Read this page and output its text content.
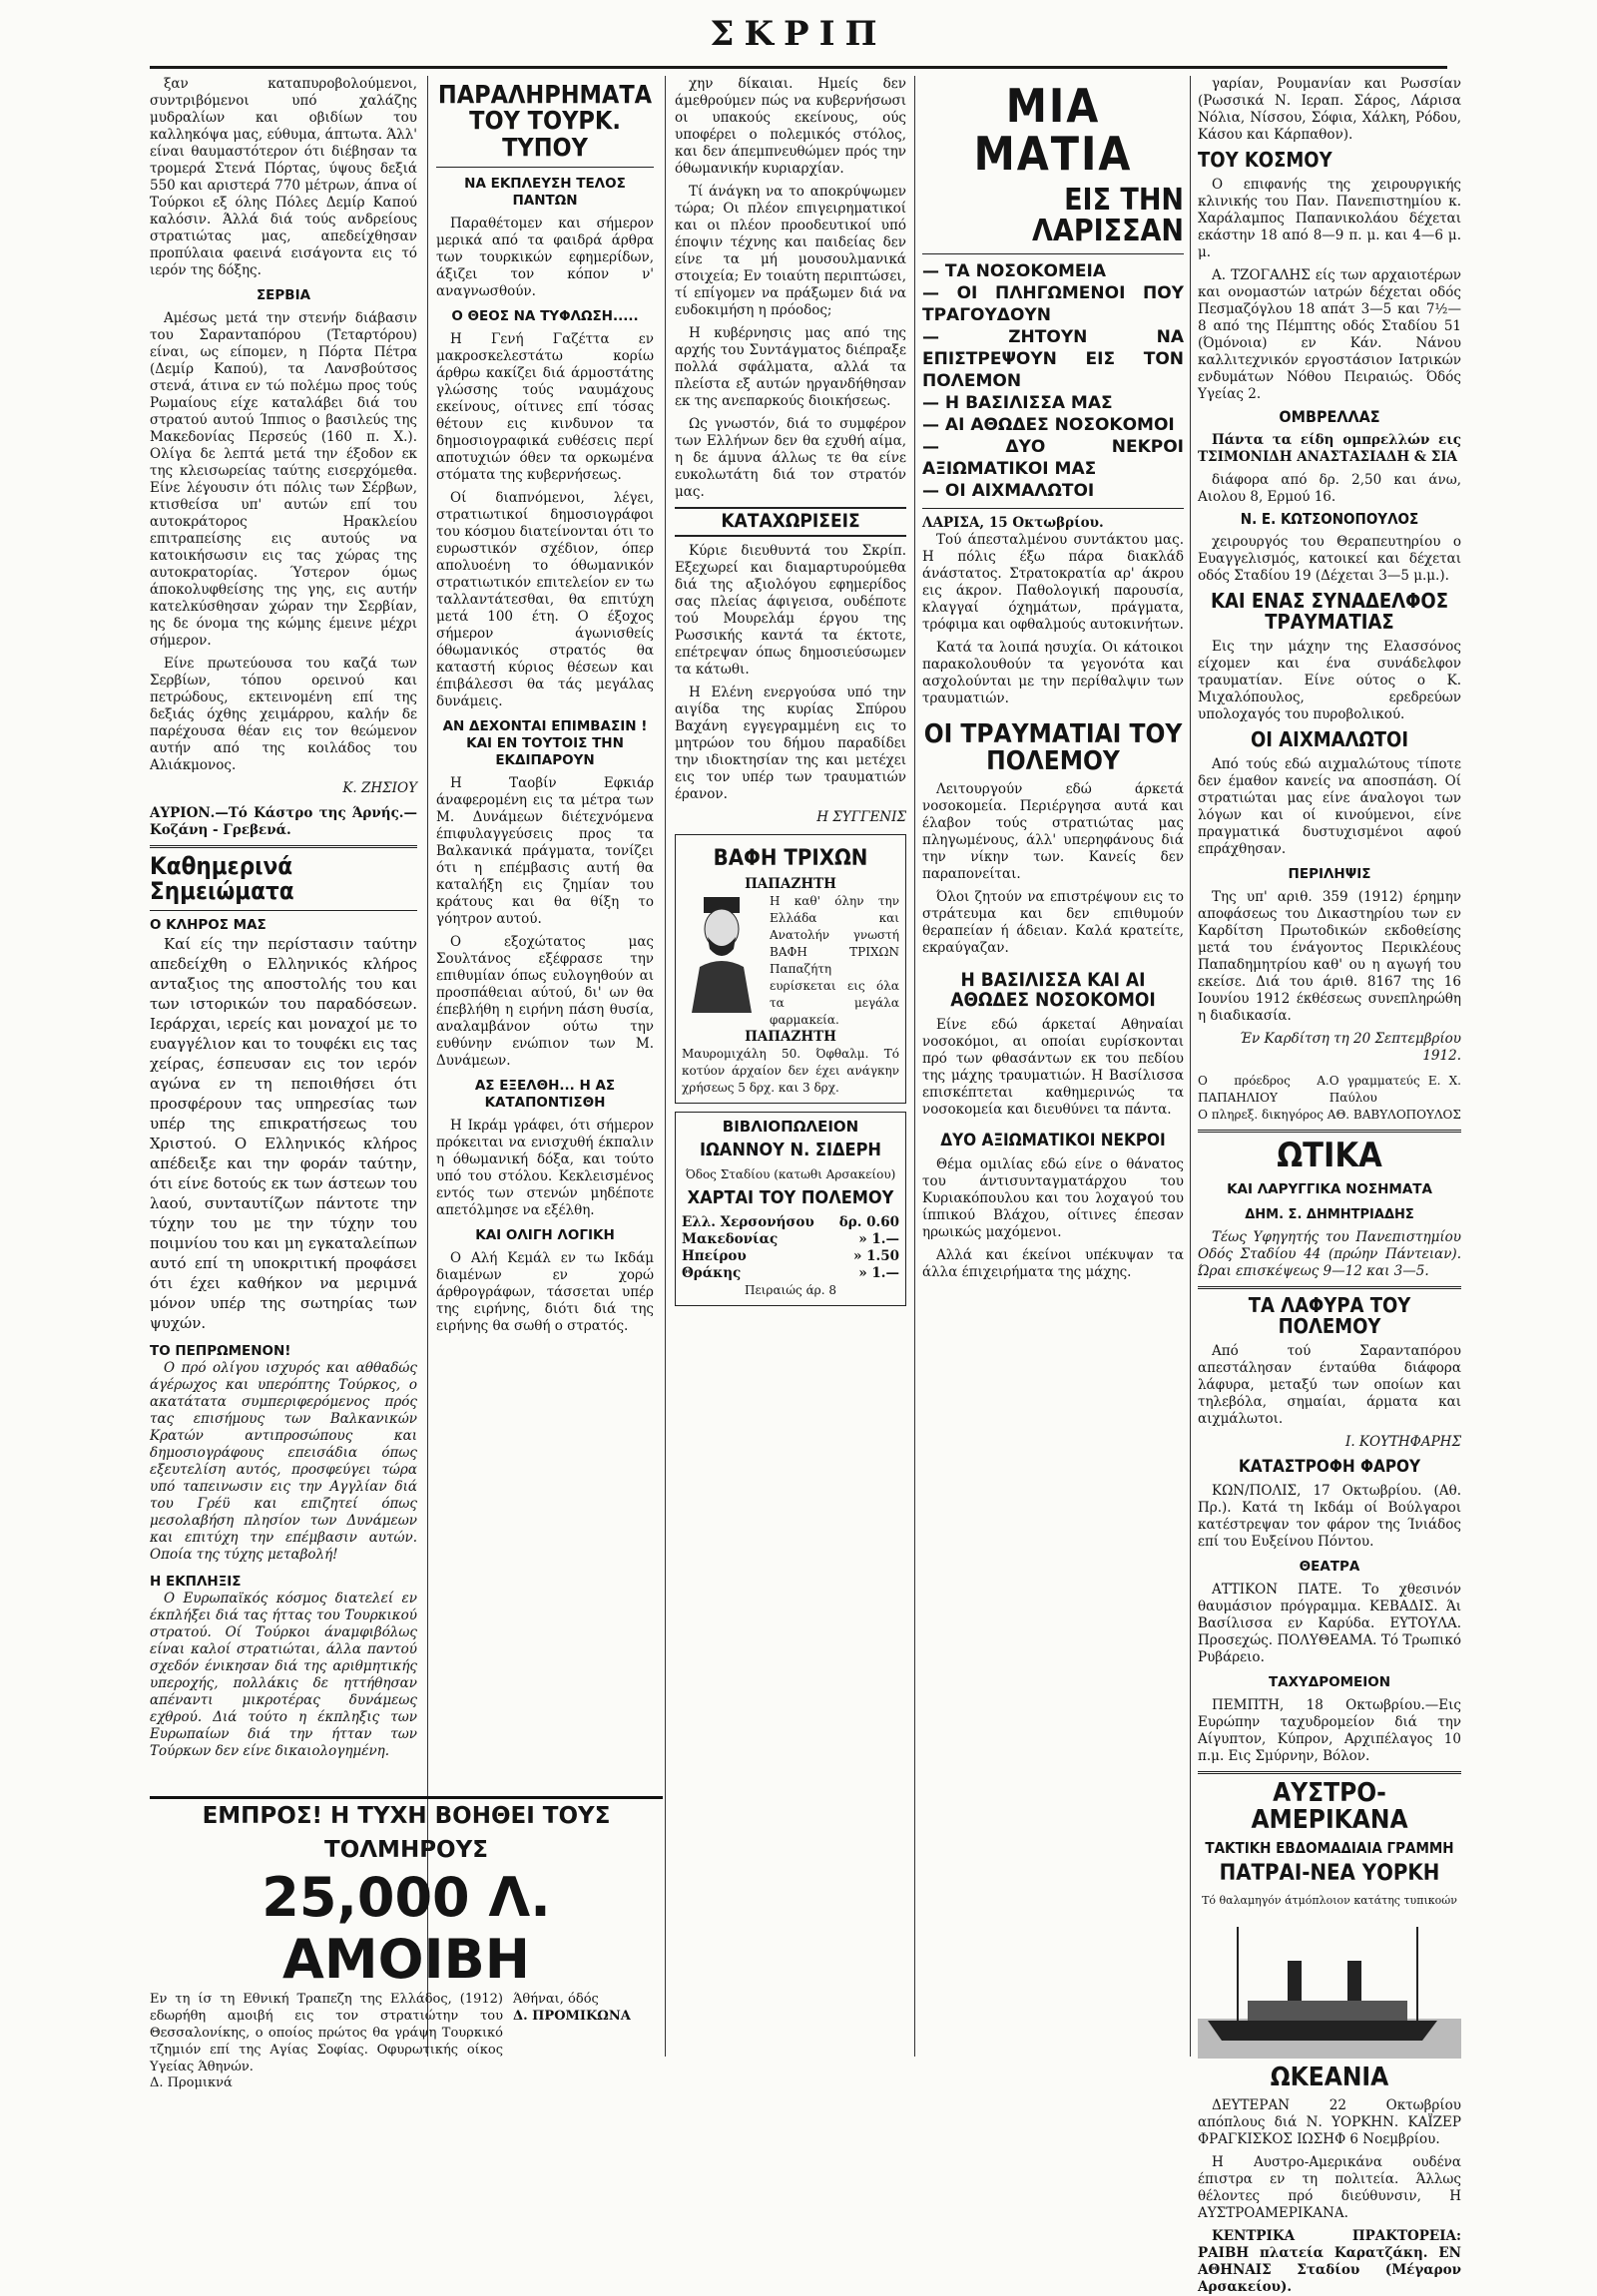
ΣΚΡΙΠ

ξαν καταπυροβολούμενοι, συντριβόμενοι υπό χαλάζης μυδραλίων και οβιδίων του καλληκόψα μας, εύθυμα, άπτωτα. Άλλ' είναι θαυμαστότερον ότι διέβησαν τα τρομερά Στενά Πόρτας, ύψους δεξιά 550 και αριστερά 770 μέτρων, άπνα οί Τούρκοι εξ όλης Πόλες Δεμίρ Καπού καλόσιν. Άλλά διά τούς ανδρείους στρατιώτας μας, απεδείχθησαν προπύλαια φαεινά εισάγοντα εις τό ιερόν της δόξης.

ΣΕΡΒΙΑ

Αμέσως μετά την στενήν διάβασιν του Σαρανταπόρου (Τεταρτόρου) είναι, ως είπομεν, η Πόρτα Πέτρα (Δεμίρ Καπού), τα Λανσβούτσος στενά, άτινα εν τώ πολέμω προς τούς Ρωμαίους είχε καταλάβει διά του στρατού αυτού Ίππιος ο βασιλεύς της Μακεδονίας Περσεύς (160 π. Χ.). Ολίγα δε λεπτά μετά την έξοδον εκ της κλεισωρείας ταύτης εισερχόμεθα. Είνε λέγουσιν ότι πόλις των Σέρβων, κτισθείσα υπ' αυτών επί του αυτοκράτορος Ηρακλείου επιτραπείσης εις αυτούς να κατοικήσωσιν εις τας χώρας της αυτοκρατορίας. Ύστερον όμως άποκολυφθείσης της γης, εις αυτήν κατελκύσθησαν χώραν την Σερβίαν, ης δε όνομα της κώμης έμεινε μέχρι σήμερον.

Είνε πρωτεύουσα του καζά των Σερβίων, τόπου ορεινού και πετρώδους, εκτεινομένη επί της δεξιάς όχθης χειμάρρου, καλήν δε παρέχουσα θέαν εις τον θεώμενον αυτήν από της κοιλάδος του Αλιάκμονος.

Κ. ΖΗΣΙΟΥ
ΑΥΡΙΟΝ.—Τό Κάστρο της Άρνής.— Κοζάνη - Γρεβενά.
Καθημερινά Σημειώματα
Ο ΚΛΗΡΟΣ ΜΑΣ

Καί είς την περίστασιν ταύτην απεδείχθη ο Ελληνικός κλήρος ανταξιος της αποστολής του και των ιστορικών του παραδόσεων. Ιεράρχαι, ιερείς και μοναχοί με το ευαγγέλιον και το τουφέκι εις τας χείρας, έσπευσαν εις τον ιερόν αγώνα εν τη πεποιθήσει ότι προσφέρουν τας υπηρεσίας των υπέρ της επικρατήσεως του Χριστού. Ο Ελληνικός κλήρος απέδειξε και την φοράν ταύτην, ότι είνε δοτούς εκ των άστεων του λαού, συνταυτίζων πάντοτε την τύχην του με την τύχην του ποιμνίου του και μη εγκαταλείπων αυτό επί τη υποκριτική προφάσει ότι έχει καθήκον να μεριμνά μόνον υπέρ της σωτηρίας των ψυχών.

ΤΟ ΠΕΠΡΩΜΕΝΟΝ!

Ο πρό ολίγου ισχυρός και αθθαδώς άγέρωχος και υπερόπτης Τούρκος, ο ακατάτατα συμπεριφερόμενος πρός τας επισήμους των Βαλκανικών Κρατών αντιπροσώπους και δημοσιογράφους επεισάδια όπως εξευτελίση αυτός, προσφεύγει τώρα υπό ταπεινωσιν εις την Αγγλίαν διά του Γρέϋ και επιζητεί όπως μεσολαβήση πλησίον των Δυνάμεων και επιτύχη την επέμβασιν αυτών. Οποία της τύχης μεταβολή!

Η ΕΚΠΛΗΞΙΣ

Ο Ευρωπαϊκός κόσμος διατελεί εν έκπλήξει διά τας ήττας του Τουρκικού στρατού. Οί Τούρκοι άναμφιβόλως είναι καλοί στρατιώται, άλλα παντού σχεδόν ένικησαν διά της αριθμητικής υπεροχής, πολλάκις δε ηττήθησαν απέναντι μικροτέρας δυνάμεως εχθρού. Διά τούτο η έκπληξις των Ευρωπαίων διά την ήτταν των Τούρκων δεν είνε δικαιολογημένη.

ΠΑΡΑΛΗΡΗΜΑΤΑ ΤΟΥ ΤΟΥΡΚ. ΤΥΠΟΥ
ΝΑ ΕΚΠΛΕΥΣΗ ΤΕΛΟΣ ΠΑΝΤΩΝ

Παραθέτομεν και σήμερον μερικά από τα φαιδρά άρθρα των τουρκικών εφημερίδων, άξιζει τον κόπον ν' αναγνωσθούν.

Ο ΘΕΟΣ ΝΑ ΤΥΦΛΩΣΗ.....

Η Γενή Γαζέττα εν μακροσκελεστάτω κορίω άρθρω κακίζει διά άρμοστάτης γλώσσης τούς ναυμάχους εκείνους, οίτινες επί τόσας θέτουν εις κινδυνον τα δημοσιογραφικά ευθέσεις περί αποτυχιών όθεν τα ορκωμένα στόματα της κυβερνήσεως.

Οί διαπνόμενοι, λέγει, στρατιωτικοί δημοσιογράφοι του κόσμου διατείνονται ότι το ευρωστικόν σχέδιον, όπερ απολυοένη το όθωμανικόν στρατιωτικόν επιτελείον εν τω ταλλαντάτεσθαι, θα επιτύχη μετά 100 έτη. Ο έξοχος σήμερον άγωνισθείς όθωμανικός στρατός θα καταστή κύριος θέσεων και έπιβάλεσσι θα τάς μεγάλας δυνάμεις.

ΑΝ ΔΕΧΟΝΤΑΙ ΕΠΙΜΒΑΣΙΝ ! ΚΑΙ ΕΝ ΤΟΥΤΟΙΣ ΤΗΝ ΕΚΔΙΠΑΡΟΥΝ

Η Ταοβίν Εφκιάρ άναφερομένη εις τα μέτρα των Μ. Δυνάμεων διέτεχνόμενα έπιφυλαγγεύσεις προς τα Βαλκανικά πράγματα, τονίζει ότι η επέμβασις αυτή θα καταλήξη εις ζημίαν του κράτους και θα θίξη το γόητρον αυτού.

Ο εξοχώτατος μας Σουλτάνος εξέφρασε την επιθυμίαν όπως ευλογηθούν αι προσπάθειαι αύτού, δι' ων θα έπεβλήθη η ειρήνη πάση θυσία, αναλαμβάνον ούτω την ευθύνην ενώπιον των Μ. Δυνάμεων.

ΑΣ ΕΞΕΛΘΗ... Η ΑΣ ΚΑΤΑΠΟΝΤΙΣΘΗ

Η Ικράμ γράφει, ότι σήμερον πρόκειται να ενισχυθή έκπαλιν η όθωμανική δόξα, και τούτο υπό του στόλου. Κεκλεισμένος εντός των στενών μηδέποτε απετόλμησε να εξέλθη.

ΚΑΙ ΟΛΙΓΗ ΛΟΓΙΚΗ

Ο Αλή Κεμάλ εν τω Ικδάμ διαμένων εν χορώ άρθρογράφων, τάσσεται υπέρ της ειρήνης, διότι διά της ειρήνης θα σωθή ο στρατός.

χην δίκαιαι. Ημείς δεν άμεθρούμεν πώς να κυβερνήσωσι οι υπακούς εκείνους, ούς υποφέρει ο πολεμικός στόλος, και δεν άπεμπνευθώμεν πρός την όθωμανικήν κυριαρχίαν.

Τί άνάγκη να το αποκρύψωμεν τώρα; Οι πλέον επιγειρηματικοί και οι πλέον προοδευτικοί υπό έποψιν τέχνης και παιδείας δεν είνε τα μή μουσουλμανικά στοιχεία; Εν τοιαύτη περιπτώσει, τί επίγομεν να πράξωμεν διά να ευδοκιμήση η πρόοδος;

Η κυβέρνησις μας από της αρχής του Συντάγματος διέπραξε πολλά σφάλματα, αλλά τα πλείστα εξ αυτών ηργανδήθησαν εκ της ανεπαρκούς διοικήσεως.

Ως γνωστόν, διά το συμφέρον των Ελλήνων δεν θα εχυθή αίμα, η δε άμυνα άλλως τε θα είνε ευκολωτάτη διά τον στρατόν μας.

ΚΑΤΑΧΩΡΙΣΕΙΣ

Κύριε διευθυντά του Σκρίπ. Εξεχωρεί και διαμαρτυρούμεθα διά της αξιολόγου εφημερίδος σας πλείας άφιγεισα, ουδέποτε τού Μουρελάμ έργου της Ρωσσικής καντά τα έκτοτε, επέτρεψαν όπως δημοσιεύσωμεν τα κάτωθι.

Η Ελένη ενεργούσα υπό την αιγίδα της κυρίας Σπύρου Βαχάνη εγγεγραμμένη εις το μητρώον του δήμου παραδίδει την ιδιοκτησίαν της και μετέχει εις τον υπέρ των τραυματιών έρανον.

Η ΣΥΓΓΕΝΙΣ
ΒΑΦΗ ΤΡΙΧΩΝ
ΠΑΠΑΖΗΤΗ
Η καθ' όλην την Ελλάδα και Ανατολήν γνωστή ΒΑΦΗ ΤΡΙΧΩΝ Παπαζήτη ευρίσκεται εις όλα τα μεγάλα φαρμακεία.
ΠΑΠΑΖΗΤΗ
Μαυρομιχάλη 50. Όφθαλμ. Τό κοτύον άρχαίον δεν έχει ανάγκην χρήσεως 5 δρχ. και 3 δρχ.
ΒΙΒΛΙΟΠΩΛΕΙΟΝ
ΙΩΑΝΝΟΥ Ν. ΣΙΔΕΡΗ
Όδος Σταδίου (κατωθι Αρσακείου)
ΧΑΡΤΑΙ ΤΟΥ ΠΟΛΕΜΟΥ
Ελλ. Χερσονήσου δρ. 0.60
Μακεδονίας	» 1.—
Ηπείρου	» 1.50
Θράκης	» 1.—
Πειραιώς άρ. 8
ΜΙΑ ΜΑΤΙΑ
ΕΙΣ ΤΗΝ ΛΑΡΙΣΣΑΝ
— ΤΑ ΝΟΣΟΚΟΜΕΙΑ
— ΟΙ ΠΛΗΓΩΜΕΝΟΙ ΠΟΥ ΤΡΑΓΟΥΔΟΥΝ
— ΖΗΤΟΥΝ ΝΑ ΕΠΙΣΤΡΕΨΟΥΝ ΕΙΣ ΤΟΝ ΠΟΛΕΜΟΝ
— Η ΒΑΣΙΛΙΣΣΑ ΜΑΣ
— ΑΙ ΑΘΩΔΕΣ ΝΟΣΟΚΟΜΟΙ
— ΔΥΟ ΝΕΚΡΟΙ ΑΞΙΩΜΑΤΙΚΟΙ ΜΑΣ
— ΟΙ ΑΙΧΜΑΛΩΤΟΙ
ΛΑΡΙΣΑ, 15 Οκτωβρίου.

Τού άπεσταλμένου συντάκτου μας. Η πόλις έξω πάρα διακλάδ άνάστατος. Στρατοκρατία αρ' άκρου εις άκρον. Παθολογική παρουσία, κλαγγαί όχημάτων, πράγματα, τρόφιμα και οφθαλμούς αυτοκινήτων.

Κατά τα λοιπά ησυχία. Οι κάτοικοι παρακολουθούν τα γεγονότα και ασχολούνται με την περίθαλψιν των τραυματιών.

ΟΙ ΤΡΑΥΜΑΤΙΑΙ ΤΟΥ ΠΟΛΕΜΟΥ

Λειτουργούν εδώ άρκετά νοσοκομεία. Περιέργησα αυτά και έλαβον τούς στρατιώτας μας πληγωμένους, άλλ' υπερηφάνους διά την νίκην των. Κανείς δεν παραπονείται.

Όλοι ζητούν να επιστρέψουν εις το στράτευμα και δεν επιθυμούν θεραπείαν ή άδειαν. Καλά κρατείτε, εκραύγαζαν.

Η ΒΑΣΙΛΙΣΣΑ ΚΑΙ ΑΙ ΑΘΩΔΕΣ ΝΟΣΟΚΟΜΟΙ

Είνε εδώ άρκεταί Αθηναίαι νοσοκόμοι, αι οποίαι ευρίσκονται πρό των φθασάντων εκ του πεδίου της μάχης τραυματιών. Η Βασίλισσα επισκέπτεται καθημερινώς τα νοσοκομεία και διευθύνει τα πάντα.

ΔΥΟ ΑΞΙΩΜΑΤΙΚΟΙ ΝΕΚΡΟΙ

Θέμα ομιλίας εδώ είνε ο θάνατος του άντισυνταγματάρχου του Κυριακόπουλου και του λοχαγού του ίππικού Βλάχου, οίτινες έπεσαν ηρωικώς μαχόμενοι.

Αλλά και έκείνοι υπέκυψαν τα άλλα έπιχειρήματα της μάχης.

γαρίαν, Ρουμανίαν και Ρωσσίαν (Ρωσσικά Ν. Ιεραπ. Σάρος, Λάρισα Νόλια, Νίσσου, Σόφια, Χάλκη, Ρόδου, Κάσου και Κάρπαθον).

ΤΟΥ ΚΟΣΜΟΥ

Ο επιφανής της χειρουργικής κλινικής του Παν. Πανεπιστημίου κ. Χαράλαμπος Παπανικολάου δέχεται εκάστην 18 από 8—9 π. μ. και 4—6 μ. μ.

Α. ΤΖΟΓΑΛΗΣ είς των αρχαιοτέρων και ονομαστών ιατρών δέχεται οδός Πεσμαζόγλου 18 απάτ 3—5 και 7½—8 από της Πέμπτης οδός Σταδίου 51 (Όμόνοια) εν Κάν. Νάνου καλλιτεχνικόν εργοστάσιον Ιατρικών ενδυμάτων Νόθου Πειραιώς. Όδός Υγείας 2.

ΟΜΒΡΕΛΛΑΣ

Πάντα τα είδη ομπρελλών εις ΤΣΙΜΟΝΙΔΗ ΑΝΑΣΤΑΣΙΑΔΗ & ΣΙΑ

διάφορα από δρ. 2,50 και άνω, Αιολου 8, Ερμού 16.

Ν. Ε. ΚΩΤΣΟΝΟΠΟΥΛΟΣ

χειρουργός του Θεραπευτηρίου ο Ευαγγελισμός, κατοικεί και δέχεται οδός Σταδίου 19 (Δέχεται 3—5 μ.μ.).

ΚΑΙ ΕΝΑΣ ΣΥΝΑΔΕΛΦΟΣ ΤΡΑΥΜΑΤΙΑΣ

Εις την μάχην της Ελασσόνος είχομεν και ένα συνάδελφον τραυματίαν. Είνε ούτος ο Κ. Μιχαλόπουλος, ερεδρεύων υπολοχαγός του πυροβολικού.

ΟΙ ΑΙΧΜΑΛΩΤΟΙ

Από τούς εδώ αιχμαλώτους τίποτε δεν έμαθον κανείς να αποσπάση. Οί στρατιώται μας είνε άναλογοι των λόγων και οί κινούμενοι, είνε πραγματικά δυστυχισμένοι αφού επράχθησαν.

ΠΕΡΙΛΗΨΙΣ

Της υπ' αριθ. 359 (1912) έρημην αποφάσεως του Δικαστηρίου των εν Καρδίτση Πρωτοδικών εκδοθείσης μετά του ένάγοντος Περικλέους Παπαδημητρίου καθ' ου η αγωγή του εκείσε. Διά του άριθ. 8167 της 16 Ιουνίου 1912 έκθέσεως συνεπληρώθη η διαδικασία.

Έν Καρδίτση τη 20 Σεπτεμβρίου 1912.
Ο πρόεδρος Α. ΠΑΠΑΗΛΙΟΥ
Ο γραμματεύς Ε. Χ. Παύλου
Ο πληρεξ. δικηγόρος ΑΘ. ΒΑΒΥΛΟΠΟΥΛΟΣ
ΩΤΙΚΑ
ΚΑΙ ΛΑΡΥΓΓΙΚΑ ΝΟΣΗΜΑΤΑ
ΔΗΜ. Σ. ΔΗΜΗΤΡΙΑΔΗΣ

Τέως Υφηγητής του Πανεπιστημίου Οδός Σταδίου 44 (πρώην Πάντειαν). Ώραι επισκέψεως 9—12 και 3—5.

ΤΑ ΛΑΦΥΡΑ ΤΟΥ ΠΟΛΕΜΟΥ

Από τού Σαρανταπόρου απεστάλησαν ένταύθα διάφορα λάφυρα, μεταξύ των οποίων και τηλεβόλα, σημαίαι, άρματα και αιχμάλωτοι.

Ι. ΚΟΥΤΗΦΑΡΗΣ
ΚΑΤΑΣΤΡΟΦΗ ΦΑΡΟΥ

ΚΩΝ/ΠΟΛΙΣ, 17 Οκτωβρίου. (Αθ. Πρ.). Κατά τη Ικδάμ οί Βούλγαροι κατέστρεψαν τον φάρον της Ίνιάδος επί του Ευξείνου Πόντου.

ΘΕΑΤΡΑ

ΑΤΤΙΚΟΝ ΠΑΤΕ. Το χθεσινόν θαυμάσιον πρόγραμμα. ΚΕΒΑΔΙΣ. Άι Βασίλισσα εν Καρύδα. ΕΥΤΟΥΛΑ. Προσεχώς. ΠΟΛΥΘΕΑΜΑ. Τό Τρωπικό Ρυβάρειο.

ΤΑΧΥΔΡΟΜΕΙΟΝ

ΠΕΜΠΤΗ, 18 Οκτωβρίου.—Εις Ευρώπην ταχυδρομείον διά την Αίγυπτον, Κύπρον, Αρχιπέλαγος 10 π.μ. Εις Σμύρνην, Βόλον.

ΑΥΣΤΡΟ-ΑΜΕΡΙΚΑΝΑ
ΤΑΚΤΙΚΗ ΕΒΔΟΜΑΔΙΑΙΑ ΓΡΑΜΜΗ
ΠΑΤΡΑΙ-ΝΕΑ ΥΟΡΚΗ
Τό θαλαμηγόν άτμόπλοιον κατάτης τυπικοών
ΩΚΕΑΝΙΑ

ΔΕΥΤΕΡΑΝ 22 Οκτωβρίου απόπλους διά Ν. ΥΟΡΚΗΝ. ΚΑΪΖΕΡ ΦΡΑΓΚΙΣΚΟΣ ΙΩΣΗΦ 6 Νοεμβρίου.

Η Αυστρο-Αμερικάνα ουδένα έπιστρα εν τη πολιτεία. Άλλως θέλοντες πρό διεύθυνσιν, Η ΑΥΣΤΡΟΑΜΕΡΙΚΑΝΑ.

ΚΕΝΤΡΙΚΑ ΠΡΑΚΤΟΡΕΙΑ: ΡΑΙΒΗ πλατεία Καρατζάκη. ΕΝ ΑΘΗΝΑΙΣ Σταδίου (Μέγαρον Αρσακείου).

ΕΜΠΡΟΣ! Η ΤΥΧΗ ΒΟΗΘΕΙ ΤΟΥΣ ΤΟΛΜΗΡΟΥΣ
25,000 Λ. ΑΜΟΙΒΗ
Εν τη ίσ τη Εθνική Τραπεζη της Ελλάδος, (1912) εδωρήθη αμοιβή εις τον στρατιώτην του Θεσσαλονίκης, ο οποίος πρώτος θα γράψη Τουρκικό τζημιόν επί της Αγίας Σοφίας. Οφυρωτικής οίκος Υγείας Άθηνών.
Άθήναι, όδός
Δ. ΠΡΟΜΙΚΩΝΑ
Δ. Προμικνά
